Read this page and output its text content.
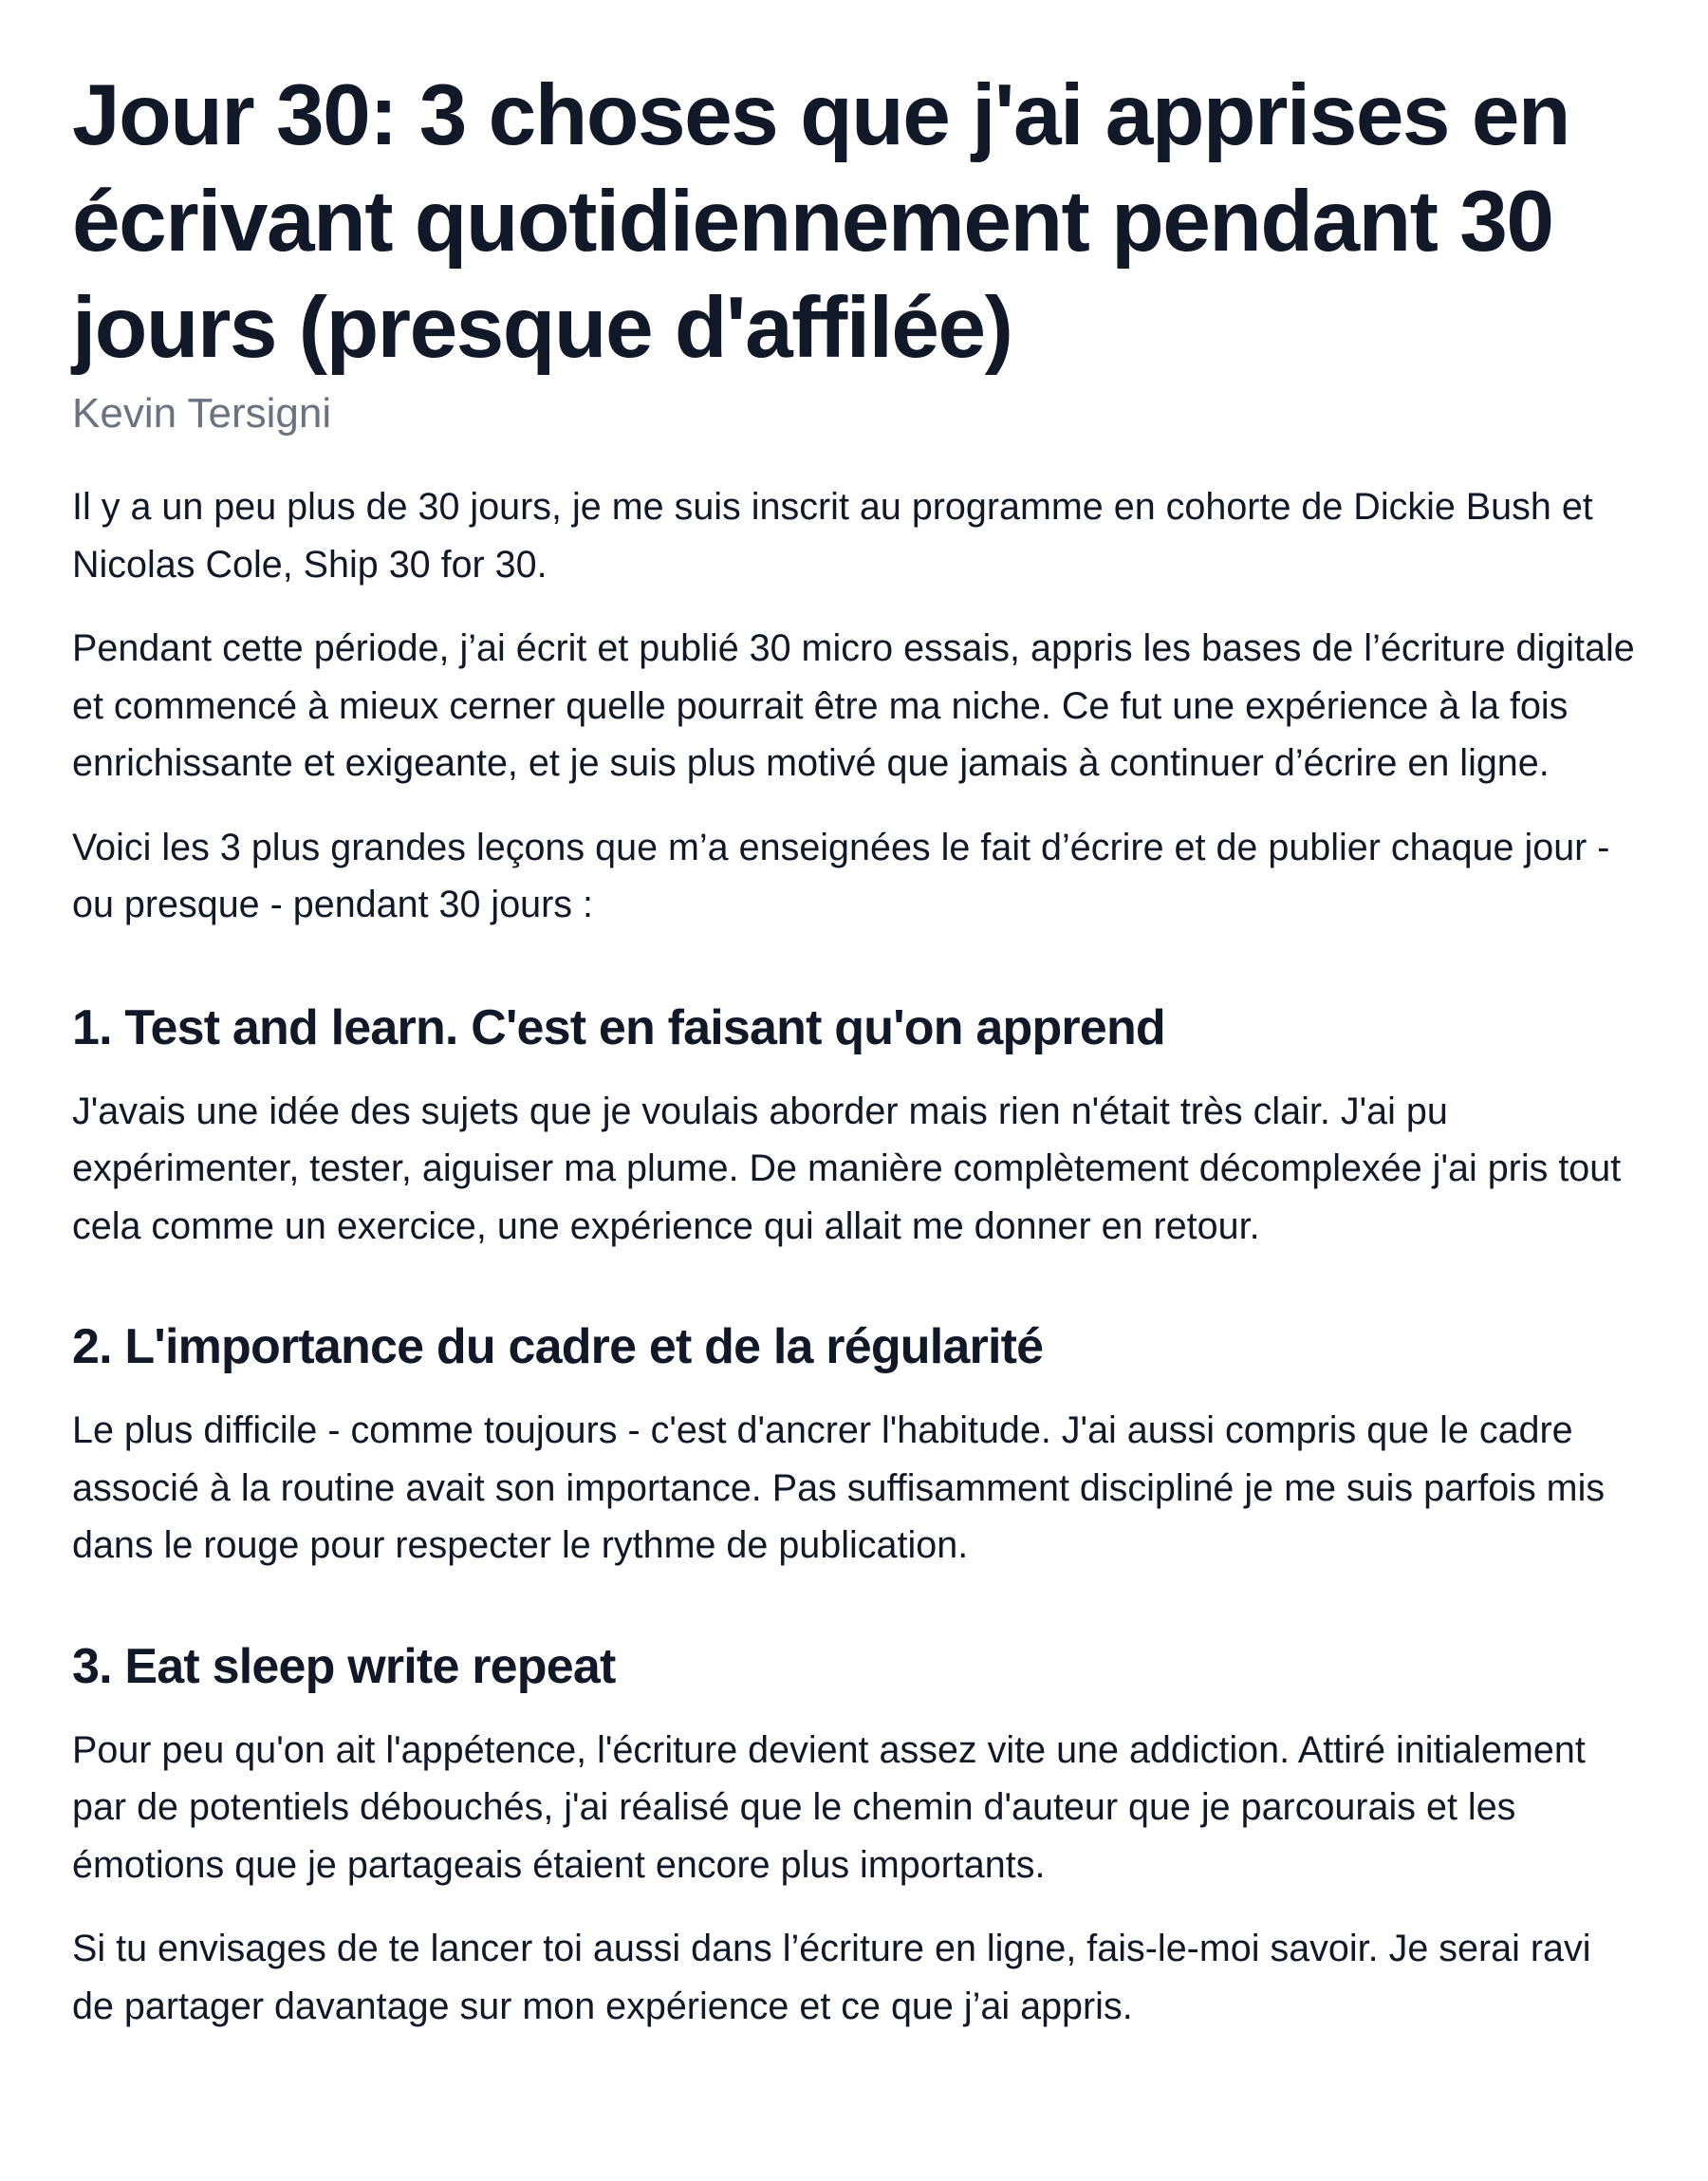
Jour 30: 3 choses que j'ai apprises en écrivant quotidiennement pendant 30 jours (presque d'affilée)
Kevin Tersigni

Il y a un peu plus de 30 jours, je me suis inscrit au programme en cohorte de Dickie Bush et Nicolas Cole, Ship 30 for 30.

Pendant cette période, j’ai écrit et publié 30 micro essais, appris les bases de l’écriture digitale et commencé à mieux cerner quelle pourrait être ma niche. Ce fut une expérience à la fois enrichissante et exigeante, et je suis plus motivé que jamais à continuer d’écrire en ligne.

Voici les 3 plus grandes leçons que m’a enseignées le fait d’écrire et de publier chaque jour - ou presque - pendant 30 jours :

1. Test and learn. C'est en faisant qu'on apprend

J'avais une idée des sujets que je voulais aborder mais rien n'était très clair. J'ai pu expérimenter, tester, aiguiser ma plume. De manière complètement décomplexée j'ai pris tout cela comme un exercice, une expérience qui allait me donner en retour.

2. L'importance du cadre et de la régularité

Le plus difficile - comme toujours - c'est d'ancrer l'habitude. J'ai aussi compris que le cadre associé à la routine avait son importance. Pas suffisamment discipliné je me suis parfois mis dans le rouge pour respecter le rythme de publication.

3. Eat sleep write repeat

Pour peu qu'on ait l'appétence, l'écriture devient assez vite une addiction. Attiré initialement par de potentiels débouchés, j'ai réalisé que le chemin d'auteur que je parcourais et les émotions que je partageais étaient encore plus importants.

Si tu envisages de te lancer toi aussi dans l’écriture en ligne, fais-le-moi savoir. Je serai ravi de partager davantage sur mon expérience et ce que j’ai appris.
